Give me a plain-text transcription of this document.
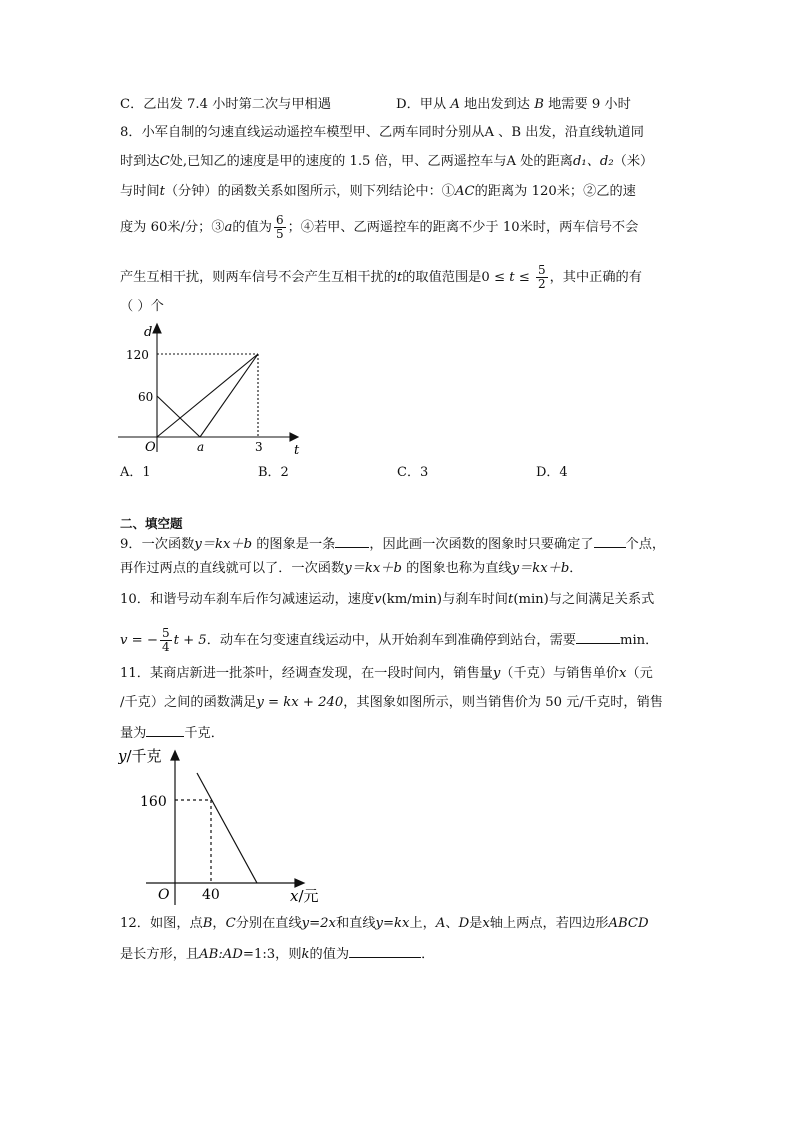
C．乙出发 7.4 小时第二次与甲相遇	D．甲从 A 地出发到达 B 地需要 9 小时
8．小军自制的匀速直线运动遥控车模型甲、乙两车同时分别从A 、B 出发，沿直线轨道同
时到达C处,已知乙的速度是甲的速度的 1.5 倍，甲、乙两遥控车与A 处的距离d₁、d₂（米）
与时间t（分钟）的函数关系如图所示，则下列结论中：①AC的距离为 120米；②乙的速
度为 60米/分；③a的值为 $\frac{6}{5}$ ；④若甲、乙两遥控车的距离不少于 10米时，两车信号不会
产生互相干扰，则两车信号不会产生互相干扰的t的取值范围是$0 \le t \le \frac{5}{2}$ ，其中正确的有
（ ）个
d
t
O
120
60
a	3
A．1	B．2	C．3	D．4
二、填空题
9．一次函数y＝kx＋b 的图象是一条	，因此画一次函数的图象时只要确定了 个点，
再作过两点的直线就可以了．一次函数y＝kx＋b 的图象也称为直线y＝kx＋b．
10．和谐号动车刹车后作匀减速运动，速度v(km/min)与刹车时间t(min)与之间满足关系式
v = − $\frac{5}{4}$ t + 5．动车在匀变速直线运动中，从开始刹车到准确停到站台，需要	min．
11．某商店新进一批茶叶，经调查发现，在一段时间内，销售量y（千克）与销售单价x（元
/千克）之间的函数满足y = kx + 240，其图象如图所示，则当销售价为 50 元/千克时，销售
量为	千克．
y/千克
x/元
O
160
40
12．如图，点B，C分别在直线y=2x和直线y=kx上，A、D是x轴上两点，若四边形ABCD
是长方形，且AB:AD=1:3，则k的值为	．
